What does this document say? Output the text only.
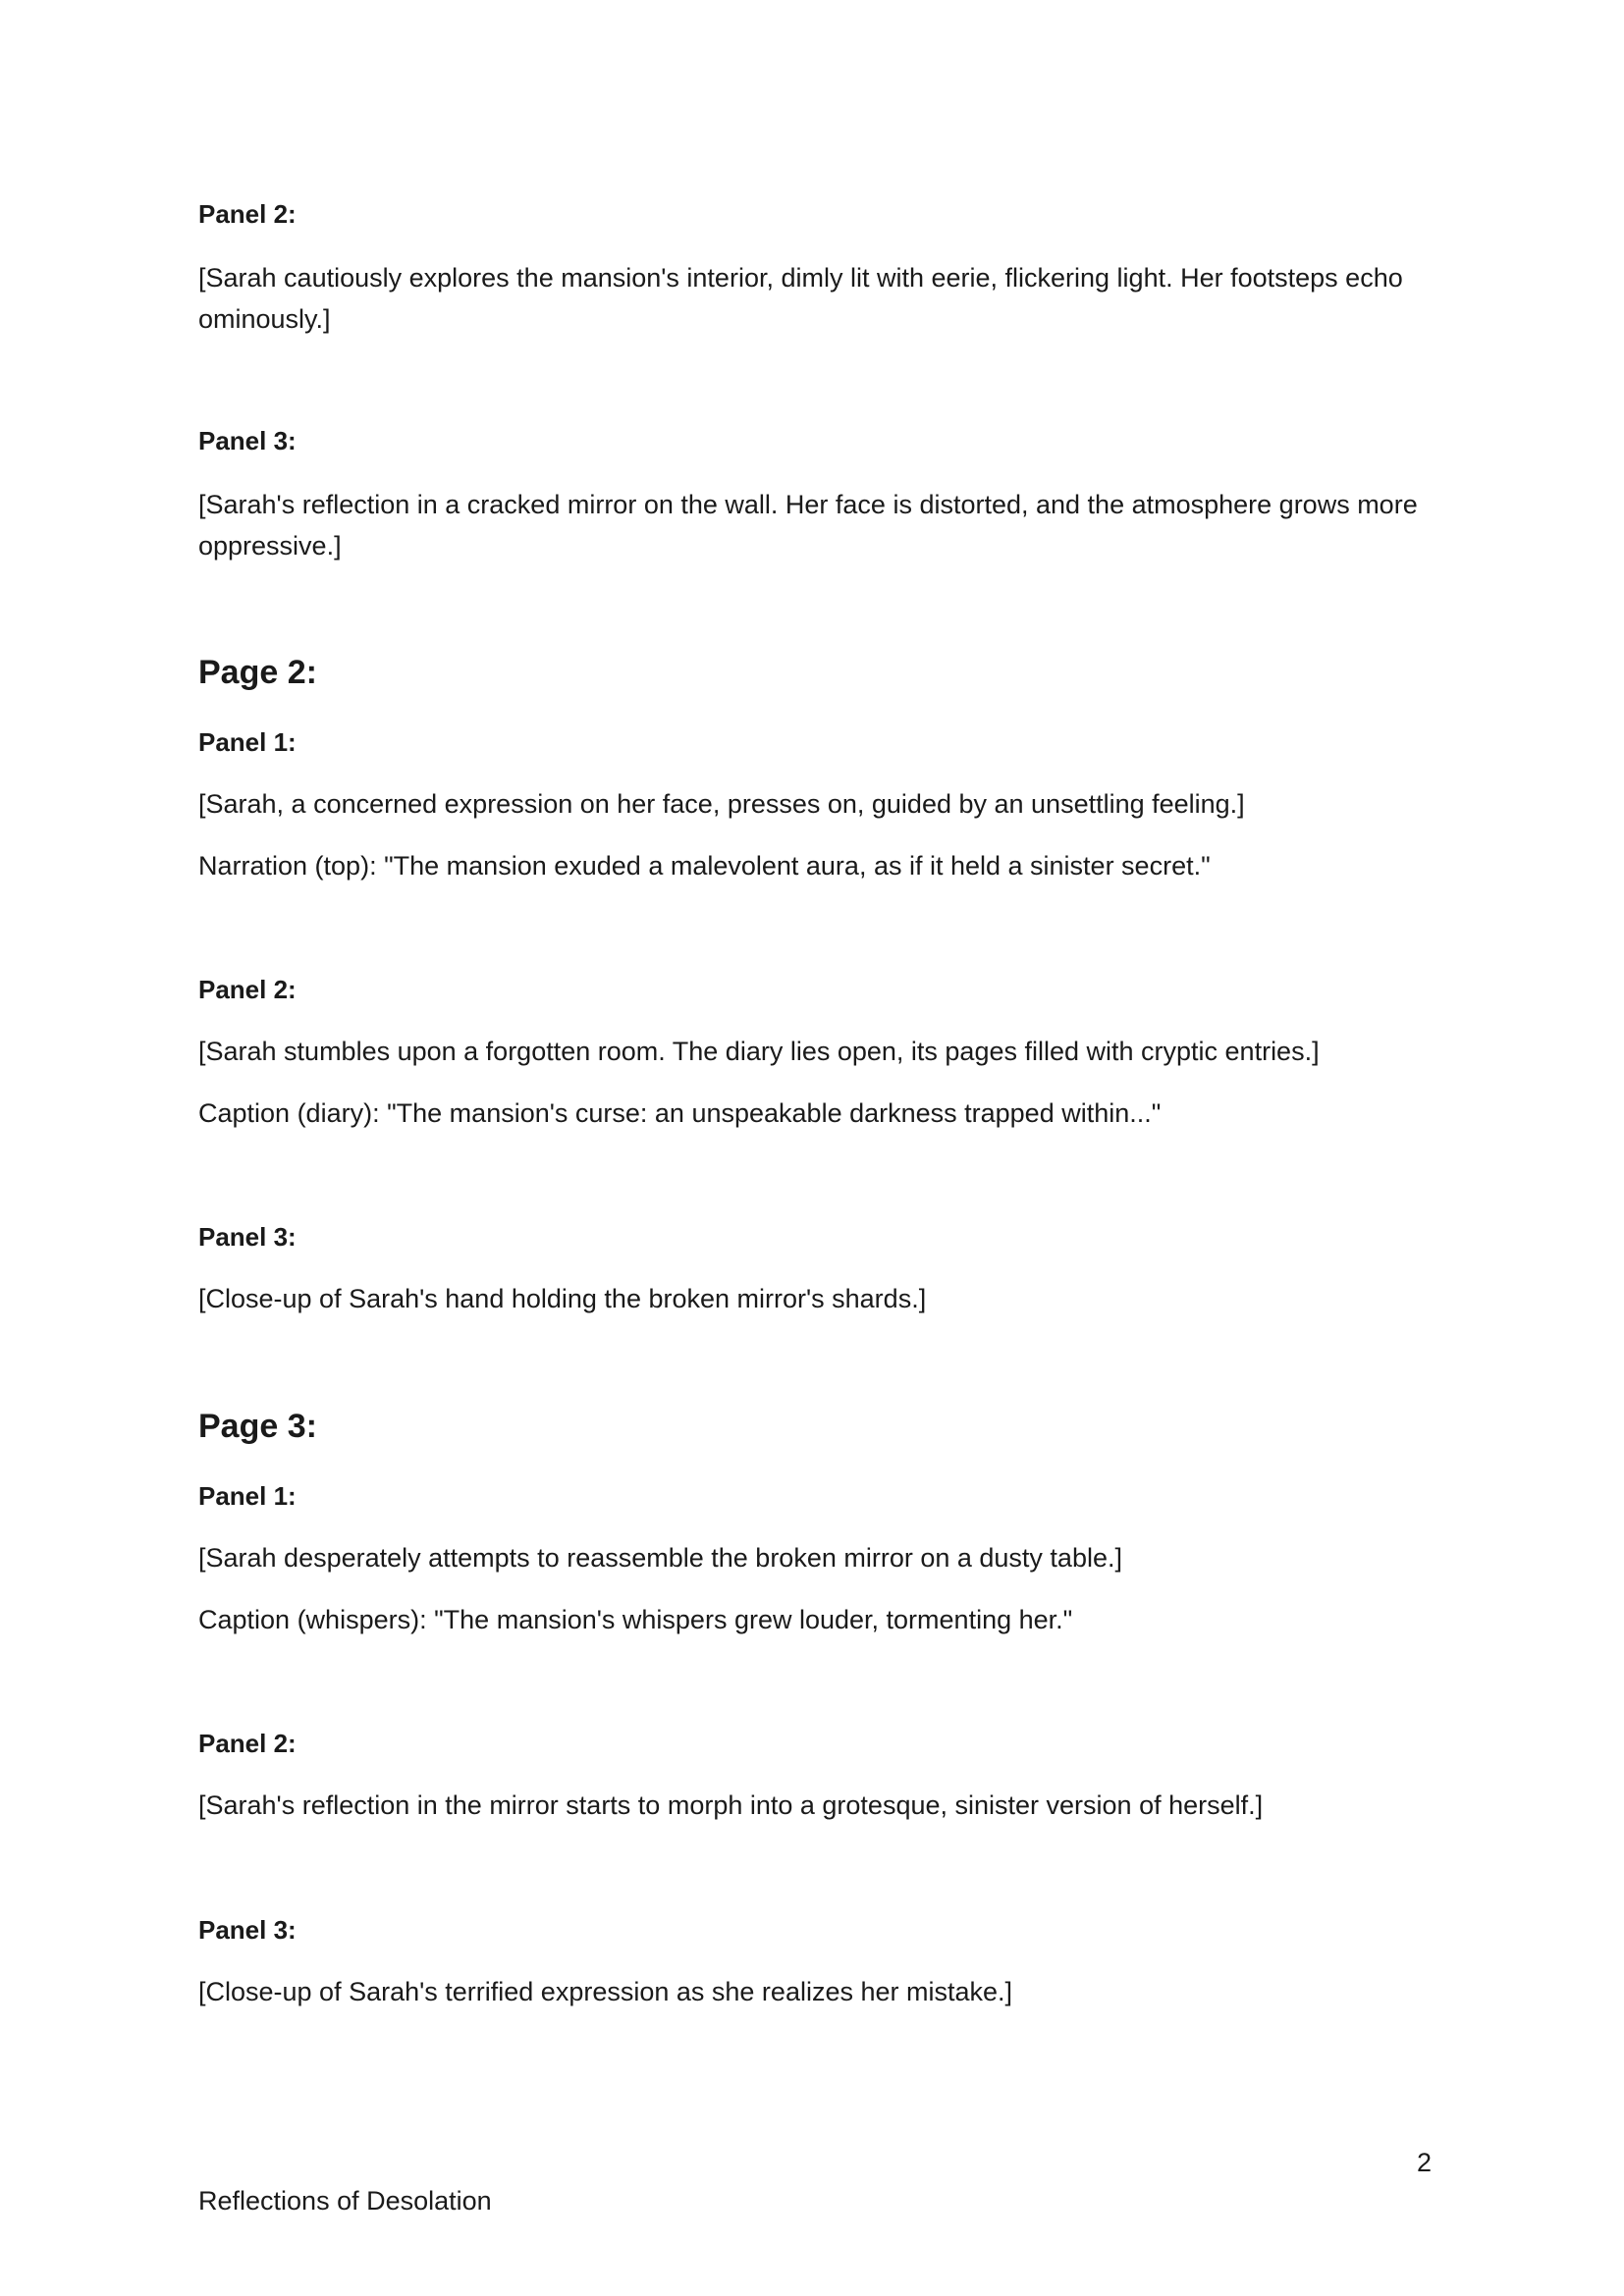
Panel 2:
[Sarah cautiously explores the mansion's interior, dimly lit with eerie, flickering light. Her footsteps echo ominously.]
Panel 3:
[Sarah's reflection in a cracked mirror on the wall. Her face is distorted, and the atmosphere grows more oppressive.]
Page 2:
Panel 1:
[Sarah, a concerned expression on her face, presses on, guided by an unsettling feeling.]
Narration (top): "The mansion exuded a malevolent aura, as if it held a sinister secret."
Panel 2:
[Sarah stumbles upon a forgotten room. The diary lies open, its pages filled with cryptic entries.]
Caption (diary): "The mansion's curse: an unspeakable darkness trapped within..."
Panel 3:
[Close-up of Sarah's hand holding the broken mirror's shards.]
Page 3:
Panel 1:
[Sarah desperately attempts to reassemble the broken mirror on a dusty table.]
Caption (whispers): "The mansion's whispers grew louder, tormenting her."
Panel 2:
[Sarah's reflection in the mirror starts to morph into a grotesque, sinister version of herself.]
Panel 3:
[Close-up of Sarah's terrified expression as she realizes her mistake.]
2
Reflections of Desolation
